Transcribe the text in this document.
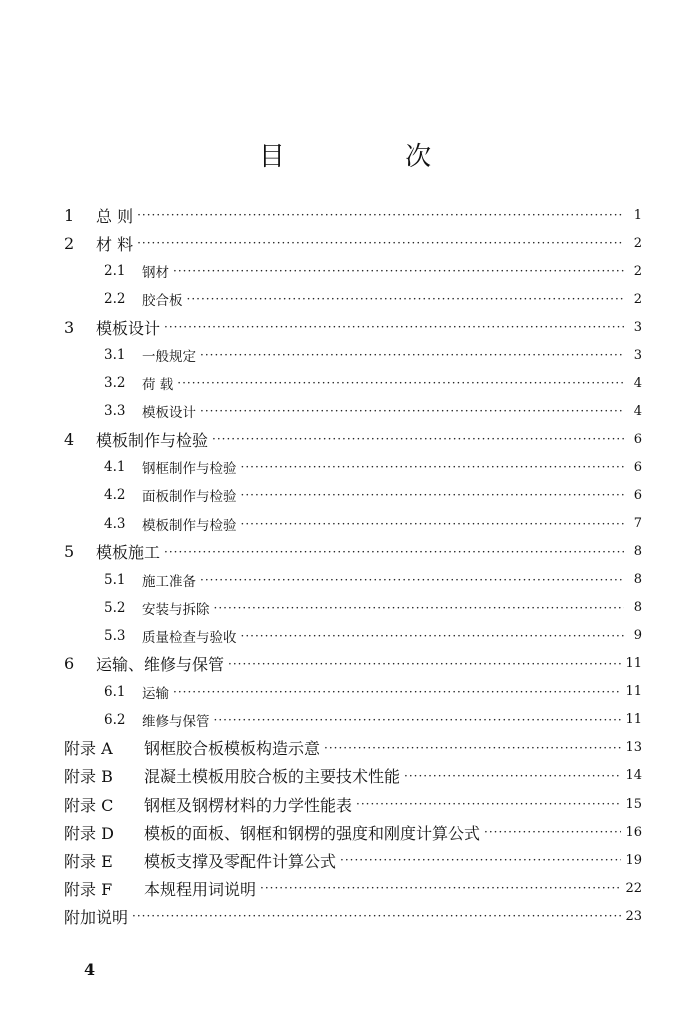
目 次
1	总 则 ·····	1
2	材 料 ·····	2
2.1	钢材 ·····	2
2.2	胶合板 ·····	2
3	模板设计 ·····	3
3.1	一般规定 ·····	3
3.2	荷 载 ·····	4
3.3	模板设计 ·····	4
4	模板制作与检验 ·····	6
4.1	钢框制作与检验 ·····	6
4.2	面板制作与检验 ·····	6
4.3	模板制作与检验 ·····	7
5	模板施工 ·····	8
5.1	施工准备 ·····	8
5.2	安装与拆除 ·····	8
5.3	质量检查与验收 ·····	9
6	运输、维修与保管 ·····	11
6.1	运输 ·····	11
6.2	维修与保管 ·····	11
附录 A	钢框胶合板模板构造示意 ·····	13
附录 B	混凝土模板用胶合板的主要技术性能 ·····	14
附录 C	钢框及钢楞材料的力学性能表 ·····	15
附录 D	模板的面板、钢框和钢楞的强度和刚度计算公式 ·····	16
附录 E	模板支撑及零配件计算公式 ·····	19
附录 F	本规程用词说明 ·····	22
附加说明 ·····	23
4
